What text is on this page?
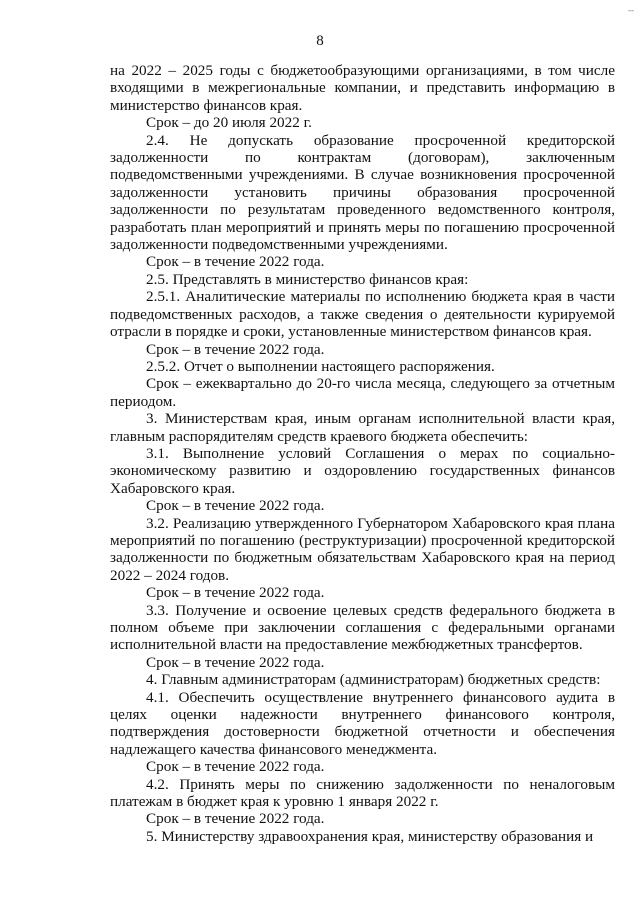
--
8

на 2022 – 2025 годы с бюджетообразующими организациями, в том числе входящими в межрегиональные компании, и представить информацию в министерство финансов края.

Срок – до 20 июля 2022 г.

2.4. Не допускать образование просроченной кредиторской задолженности по контрактам (договорам), заключенным подведомственными учреждениями. В случае возникновения просроченной задолженности установить причины образования просроченной задолженности по результатам проведенного ведомственного контроля, разработать план мероприятий и принять меры по погашению просроченной задолженности подведомственными учреждениями.

Срок – в течение 2022 года.

2.5. Представлять в министерство финансов края:

2.5.1. Аналитические материалы по исполнению бюджета края в части подведомственных расходов, а также сведения о деятельности курируемой отрасли в порядке и сроки, установленные министерством финансов края.

Срок – в течение 2022 года.

2.5.2. Отчет о выполнении настоящего распоряжения.

Срок – ежеквартально до 20-го числа месяца, следующего за отчетным периодом.

3. Министерствам края, иным органам исполнительной власти края, главным распорядителям средств краевого бюджета обеспечить:

3.1. Выполнение условий Соглашения о мерах по социально-экономическому развитию и оздоровлению государственных финансов Хабаровского края.

Срок – в течение 2022 года.

3.2. Реализацию утвержденного Губернатором Хабаровского края плана мероприятий по погашению (реструктуризации) просроченной кредиторской задолженности по бюджетным обязательствам Хабаровского края на период 2022 – 2024 годов.

Срок – в течение 2022 года.

3.3. Получение и освоение целевых средств федерального бюджета в полном объеме при заключении соглашения с федеральными органами исполнительной власти на предоставление межбюджетных трансфертов.

Срок – в течение 2022 года.

4. Главным администраторам (администраторам) бюджетных средств:

4.1. Обеспечить осуществление внутреннего финансового аудита в целях оценки надежности внутреннего финансового контроля, подтверждения достоверности бюджетной отчетности и обеспечения надлежащего качества финансового менеджмента.

Срок – в течение 2022 года.

4.2. Принять меры по снижению задолженности по неналоговым платежам в бюджет края к уровню 1 января 2022 г.

Срок – в течение 2022 года.

5. Министерству здравоохранения края, министерству образования и
